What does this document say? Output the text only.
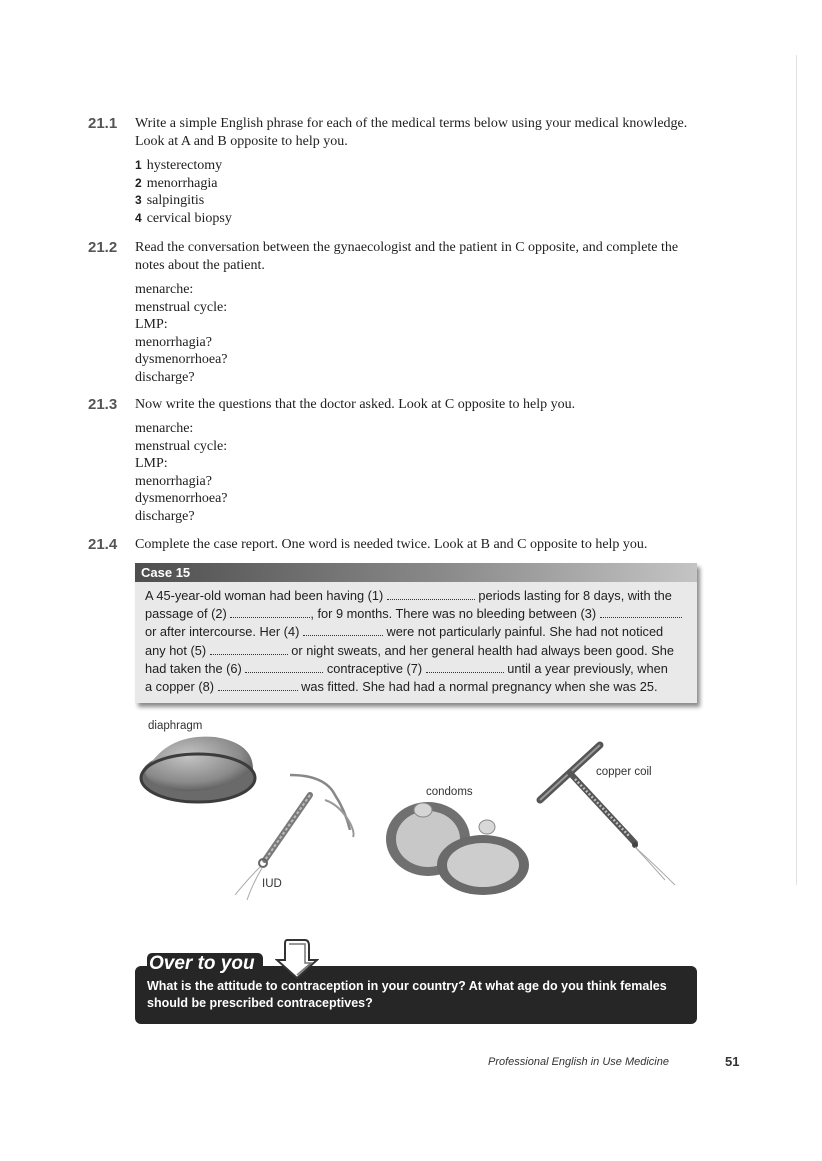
21.1 Write a simple English phrase for each of the medical terms below using your medical knowledge. Look at A and B opposite to help you.
1 hysterectomy
2 menorrhagia
3 salpingitis
4 cervical biopsy
21.2 Read the conversation between the gynaecologist and the patient in C opposite, and complete the notes about the patient.
menarche:
menstrual cycle:
LMP:
menorrhagia?
dysmenorrhoea?
discharge?
21.3 Now write the questions that the doctor asked. Look at C opposite to help you.
menarche:
menstrual cycle:
LMP:
menorrhagia?
dysmenorrhoea?
discharge?
21.4 Complete the case report. One word is needed twice. Look at B and C opposite to help you.
Case 15
A 45-year-old woman had been having (1)	periods lasting for 8 days, with the
passage of (2)	, for 9 months. There was no bleeding between (3)
or after intercourse. Her (4)	were not particularly painful. She had not noticed
any hot (5)	or night sweats, and her general health had always been good. She
had taken the (6)	contraceptive (7)	until a year previously, when
a copper (8)	was fitted. She had had a normal pregnancy when she was 25.
diaphragm
condoms
copper coil
IUD
Over to you
What is the attitude to contraception in your country? At what age do you think females should be prescribed contraceptives?
Professional English in Use Medicine	51
